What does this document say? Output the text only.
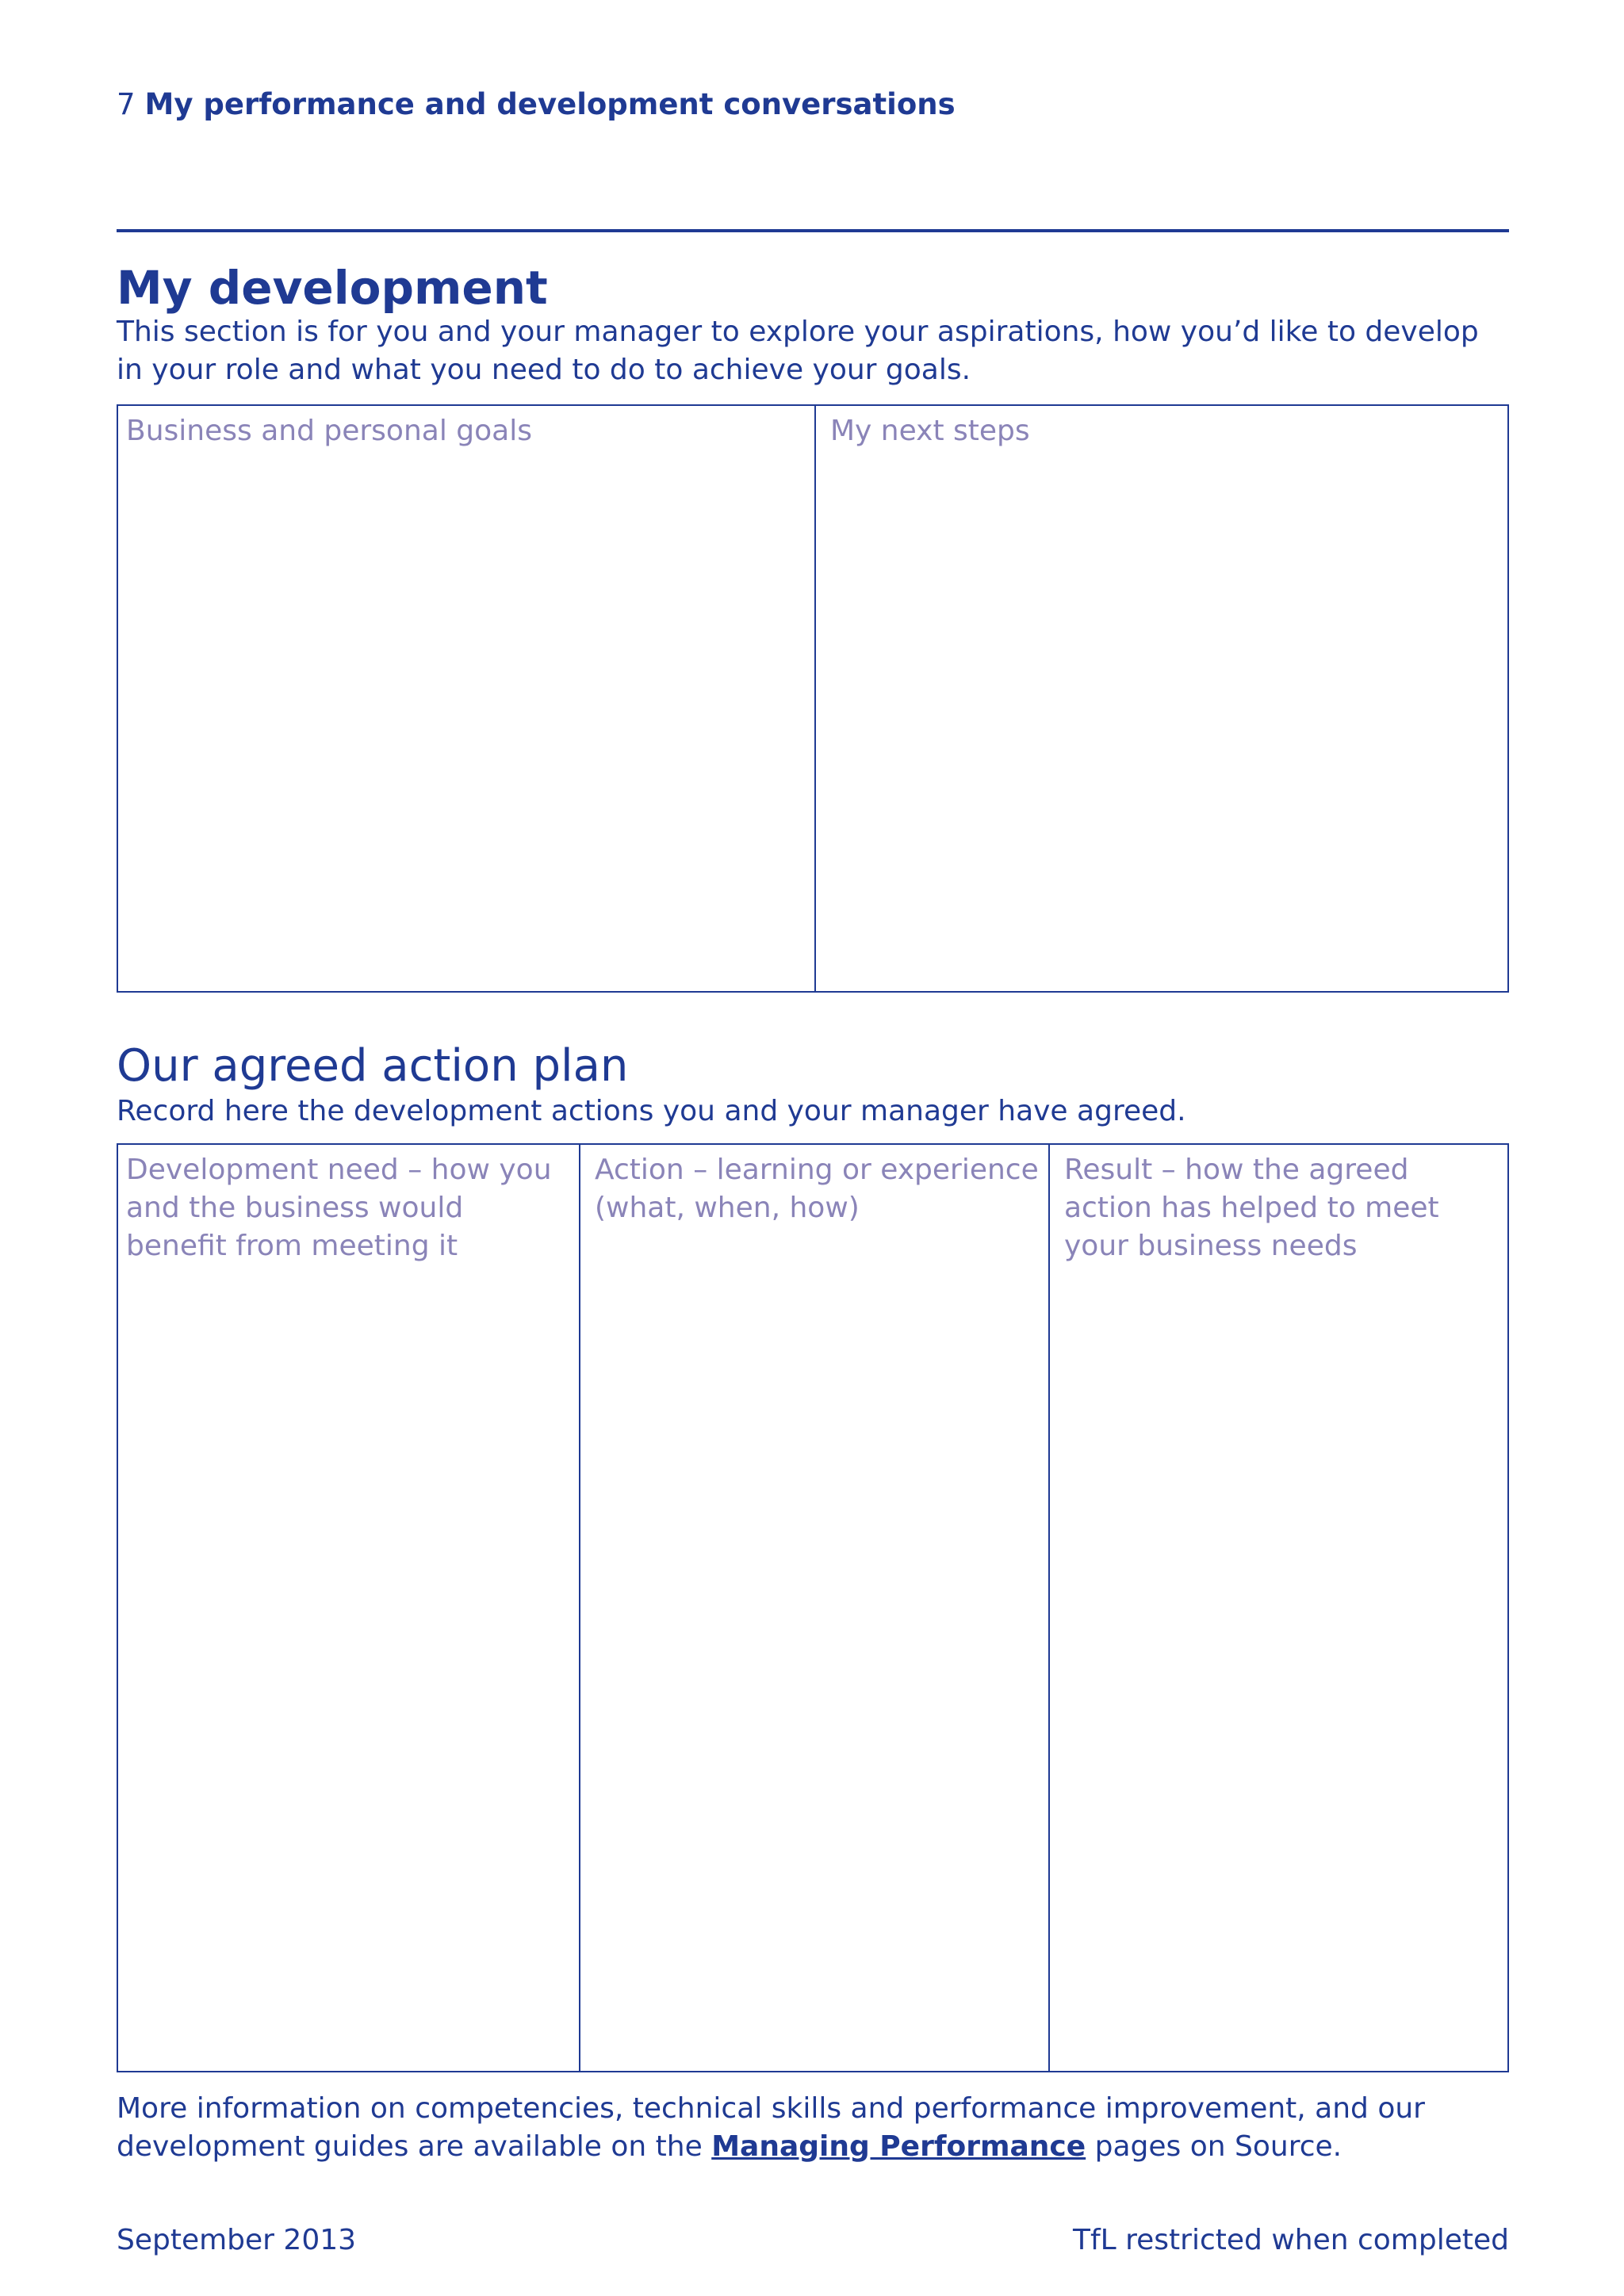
7 My performance and development conversations
My development

This section is for you and your manager to explore your aspirations, how you’d like to develop in your role and what you need to do to achieve your goals.

Business and personal goals	My next steps
Our agreed action plan

Record here the development actions you and your manager have agreed.

Development need – how you and the business would benefit from meeting it
Action – learning or experience (what, when, how)
Result – how the agreed action has helped to meet your business needs

More information on competencies, technical skills and performance improvement, and our development guides are available on the Managing Performance pages on Source.

September 2013	TfL restricted when completed
